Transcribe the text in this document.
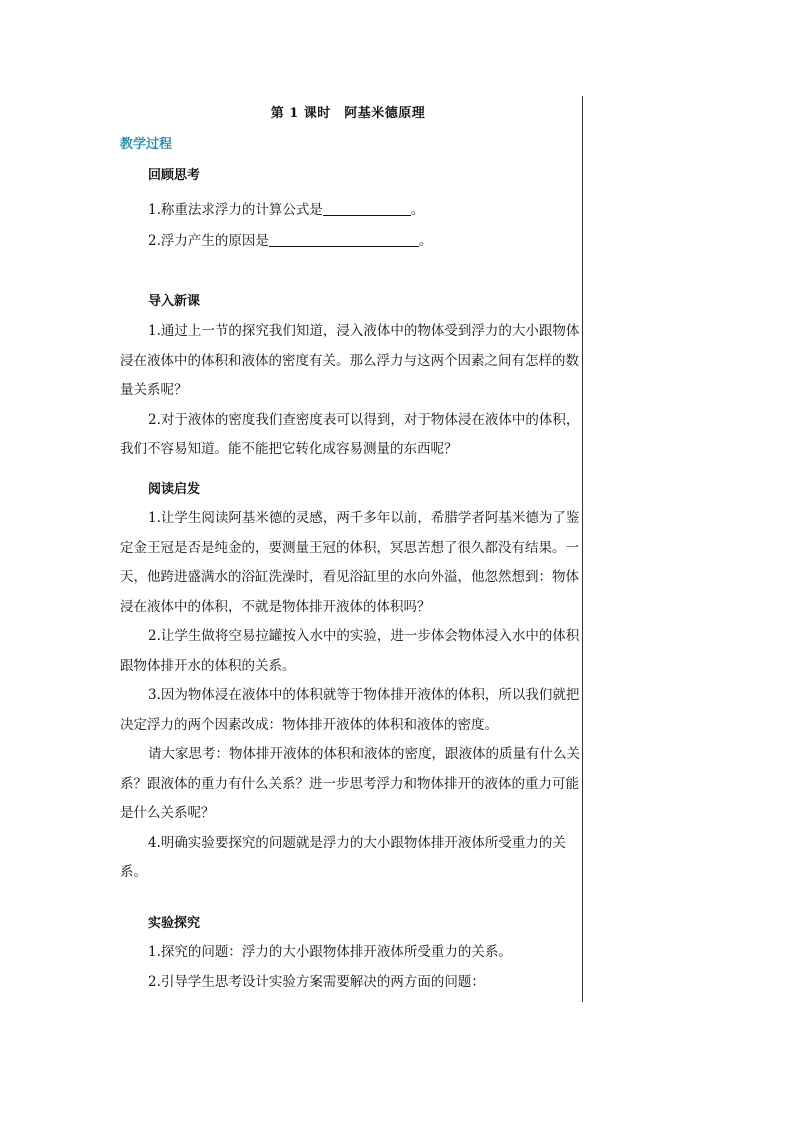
第 1 课时　阿基米德原理
教学过程
回顾思考
1.称重法求浮力的计算公式是	。
2.浮力产生的原因是	。
导入新课

1.通过上一节的探究我们知道，浸入液体中的物体受到浮力的大小跟物体浸在液体中的体积和液体的密度有关。那么浮力与这两个因素之间有怎样的数量关系呢？

2.对于液体的密度我们查密度表可以得到，对于物体浸在液体中的体积，我们不容易知道。能不能把它转化成容易测量的东西呢？

阅读启发

1.让学生阅读阿基米德的灵感，两千多年以前，希腊学者阿基米德为了鉴定金王冠是否是纯金的，要测量王冠的体积，冥思苦想了很久都没有结果。一天，他跨进盛满水的浴缸洗澡时，看见浴缸里的水向外溢，他忽然想到：物体浸在液体中的体积，不就是物体排开液体的体积吗？

2.让学生做将空易拉罐按入水中的实验，进一步体会物体浸入水中的体积跟物体排开水的体积的关系。

3.因为物体浸在液体中的体积就等于物体排开液体的体积，所以我们就把决定浮力的两个因素改成：物体排开液体的体积和液体的密度。

请大家思考：物体排开液体的体积和液体的密度，跟液体的质量有什么关系？跟液体的重力有什么关系？进一步思考浮力和物体排开的液体的重力可能是什么关系呢？

4.明确实验要探究的问题就是浮力的大小跟物体排开液体所受重力的关系。

实验探究

1.探究的问题：浮力的大小跟物体排开液体所受重力的关系。

2.引导学生思考设计实验方案需要解决的两方面的问题：
